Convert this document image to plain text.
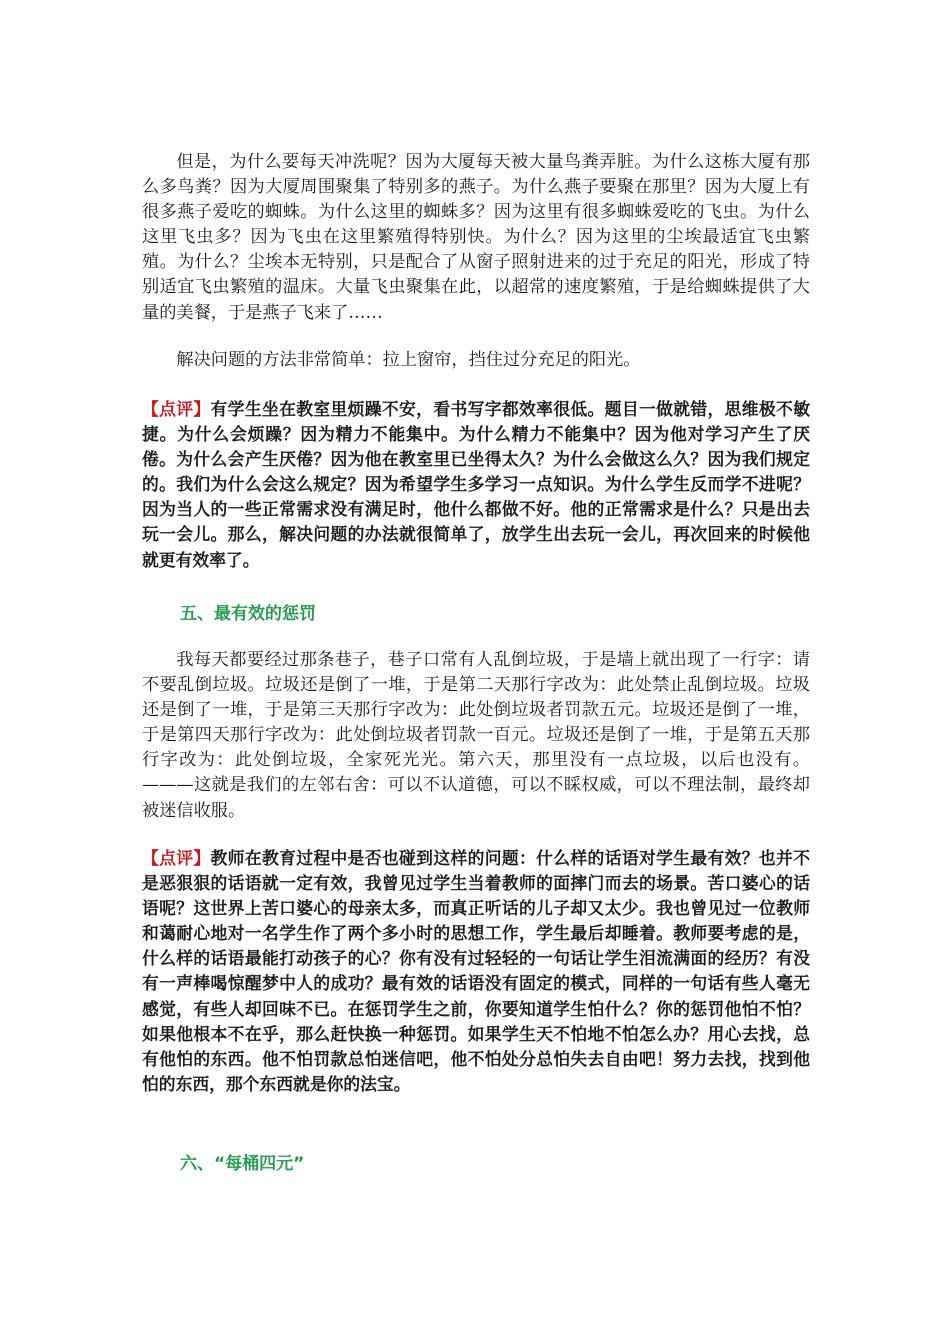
但是，为什么要每天冲洗呢？因为大厦每天被大量鸟粪弄脏。为什么这栋大厦有那么多鸟粪？因为大厦周围聚集了特别多的燕子。为什么燕子要聚在那里？因为大厦上有很多燕子爱吃的蜘蛛。为什么这里的蜘蛛多？因为这里有很多蜘蛛爱吃的飞虫。为什么这里飞虫多？因为飞虫在这里繁殖得特别快。为什么？因为这里的尘埃最适宜飞虫繁殖。为什么？尘埃本无特别，只是配合了从窗子照射进来的过于充足的阳光，形成了特别适宜飞虫繁殖的温床。大量飞虫聚集在此，以超常的速度繁殖，于是给蜘蛛提供了大量的美餐，于是燕子飞来了……
解决问题的方法非常简单：拉上窗帘，挡住过分充足的阳光。
【点评】有学生坐在教室里烦躁不安，看书写字都效率很低。题目一做就错，思维极不敏捷。为什么会烦躁？因为精力不能集中。为什么精力不能集中？因为他对学习产生了厌倦。为什么会产生厌倦？因为他在教室里已坐得太久？为什么会做这么久？因为我们规定的。我们为什么会这么规定？因为希望学生多学习一点知识。为什么学生反而学不进呢？因为当人的一些正常需求没有满足时，他什么都做不好。他的正常需求是什么？只是出去玩一会儿。那么，解决问题的办法就很简单了，放学生出去玩一会儿，再次回来的时候他就更有效率了。
五、最有效的惩罚
我每天都要经过那条巷子，巷子口常有人乱倒垃圾，于是墙上就出现了一行字：请不要乱倒垃圾。垃圾还是倒了一堆，于是第二天那行字改为：此处禁止乱倒垃圾。垃圾还是倒了一堆，于是第三天那行字改为：此处倒垃圾者罚款五元。垃圾还是倒了一堆，于是第四天那行字改为：此处倒垃圾者罚款一百元。垃圾还是倒了一堆，于是第五天那行字改为：此处倒垃圾，全家死光光。第六天，那里没有一点垃圾，以后也没有。———这就是我们的左邻右舍：可以不认道德，可以不睬权威，可以不理法制，最终却被迷信收服。
【点评】教师在教育过程中是否也碰到这样的问题：什么样的话语对学生最有效？也并不是恶狠狠的话语就一定有效，我曾见过学生当着教师的面摔门而去的场景。苦口婆心的话语呢？这世界上苦口婆心的母亲太多，而真正听话的儿子却又太少。我也曾见过一位教师和蔼耐心地对一名学生作了两个多小时的思想工作，学生最后却睡着。教师要考虑的是，什么样的话语最能打动孩子的心？你有没有过轻轻的一句话让学生泪流满面的经历？有没有一声棒喝惊醒梦中人的成功？最有效的话语没有固定的模式，同样的一句话有些人毫无感觉，有些人却回味不已。在惩罚学生之前，你要知道学生怕什么？你的惩罚他怕不怕？如果他根本不在乎，那么赶快换一种惩罚。如果学生天不怕地不怕怎么办？用心去找，总有他怕的东西。他不怕罚款总怕迷信吧，他不怕处分总怕失去自由吧！努力去找，找到他怕的东西，那个东西就是你的法宝。
六、“每桶四元”
